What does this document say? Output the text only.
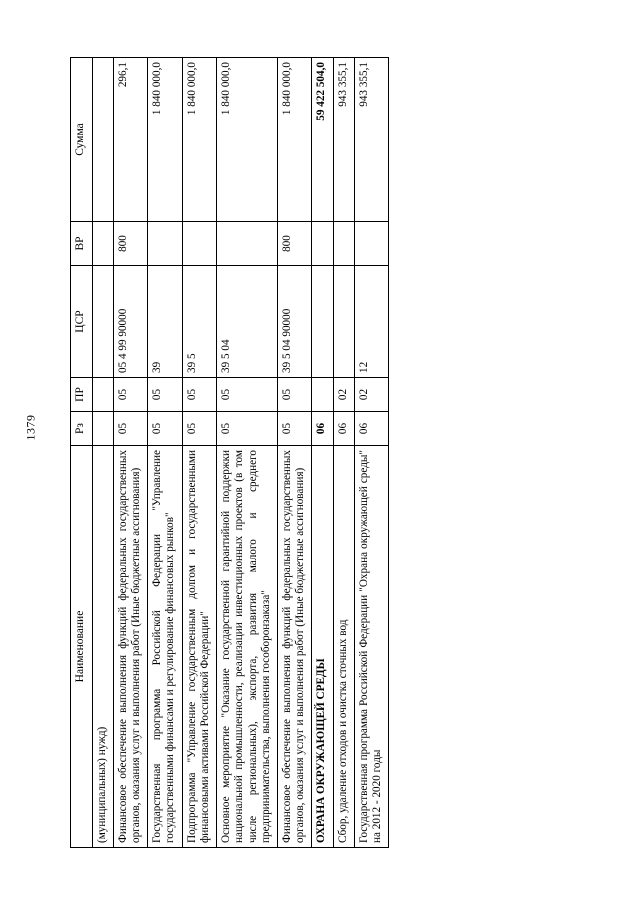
1379
Наименование	Рз	ПР	ЦСР	ВР	Сумма
(муниципальных) нужд)					
Финансовое обеспечение выполнения функций федеральных государственных органов, оказания услуг и выполнения работ (Иные бюджетные ассигнования)	05	05	05 4 99 90000	800	296,1
Государственная программа Российской Федерации "Управление государственными финансами и регулирование финансовых рынков"	05	05	39		1 840 000,0
Подпрограмма "Управление государственным долгом и государственными финансовыми активами Российской Федерации"	05	05	39 5		1 840 000,0
Основное мероприятие "Оказание государственной гарантийной поддержки национальной промышленности, реализации инвестиционных проектов (в том числе региональных), экспорта, развития малого и среднего предпринимательства, выполнения гособоронзаказа"	05	05	39 5 04		1 840 000,0
Финансовое обеспечение выполнения функций федеральных государственных органов, оказания услуг и выполнения работ (Иные бюджетные ассигнования)	05	05	39 5 04 90000	800	1 840 000,0
ОХРАНА ОКРУЖАЮЩЕЙ СРЕДЫ	06				59 422 504,0
Сбор, удаление отходов и очистка сточных вод	06	02			943 355,1
Государственная программа Российской Федерации "Охрана окружающей среды" на 2012 - 2020 годы	06	02	12		943 355,1
